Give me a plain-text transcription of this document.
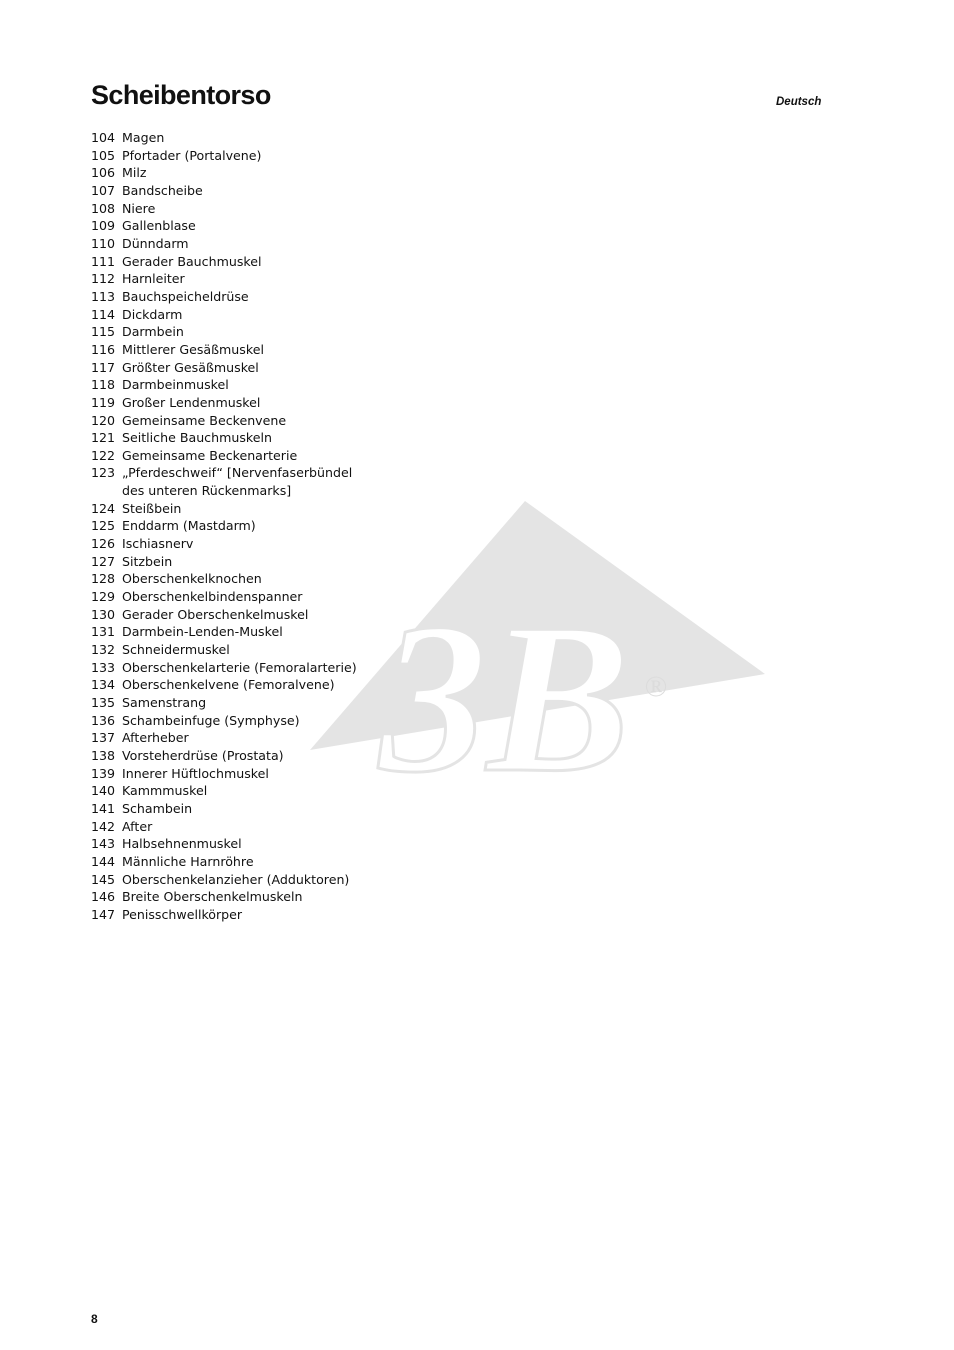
3B ®
Scheibentorso	Deutsch
104 Magen
105 Pfortader (Portalvene)
106 Milz
107 Bandscheibe
108 Niere
109 Gallenblase
110 Dünndarm
111 Gerader Bauchmuskel
112 Harnleiter
113 Bauchspeicheldrüse
114 Dickdarm
115 Darmbein
116 Mittlerer Gesäßmuskel
117 Größter Gesäßmuskel
118 Darmbeinmuskel
119 Großer Lendenmuskel
120 Gemeinsame Beckenvene
121 Seitliche Bauchmuskeln
122 Gemeinsame Beckenarterie
123 „Pferdeschweif“ [Nervenfaserbündel
des unteren Rückenmarks]
124 Steißbein
125 Enddarm (Mastdarm)
126 Ischiasnerv
127 Sitzbein
128 Oberschenkelknochen
129 Oberschenkelbindenspanner
130 Gerader Oberschenkelmuskel
131 Darmbein-Lenden-Muskel
132 Schneidermuskel
133 Oberschenkelarterie (Femoralarterie)
134 Oberschenkelvene (Femoralvene)
135 Samenstrang
136 Schambeinfuge (Symphyse)
137 Afterheber
138 Vorsteherdrüse (Prostata)
139 Innerer Hüftlochmuskel
140 Kammmuskel
141 Schambein
142 After
143 Halbsehnenmuskel
144 Männliche Harnröhre
145 Oberschenkelanzieher (Adduktoren)
146 Breite Oberschenkelmuskeln
147 Penisschwellkörper
8
